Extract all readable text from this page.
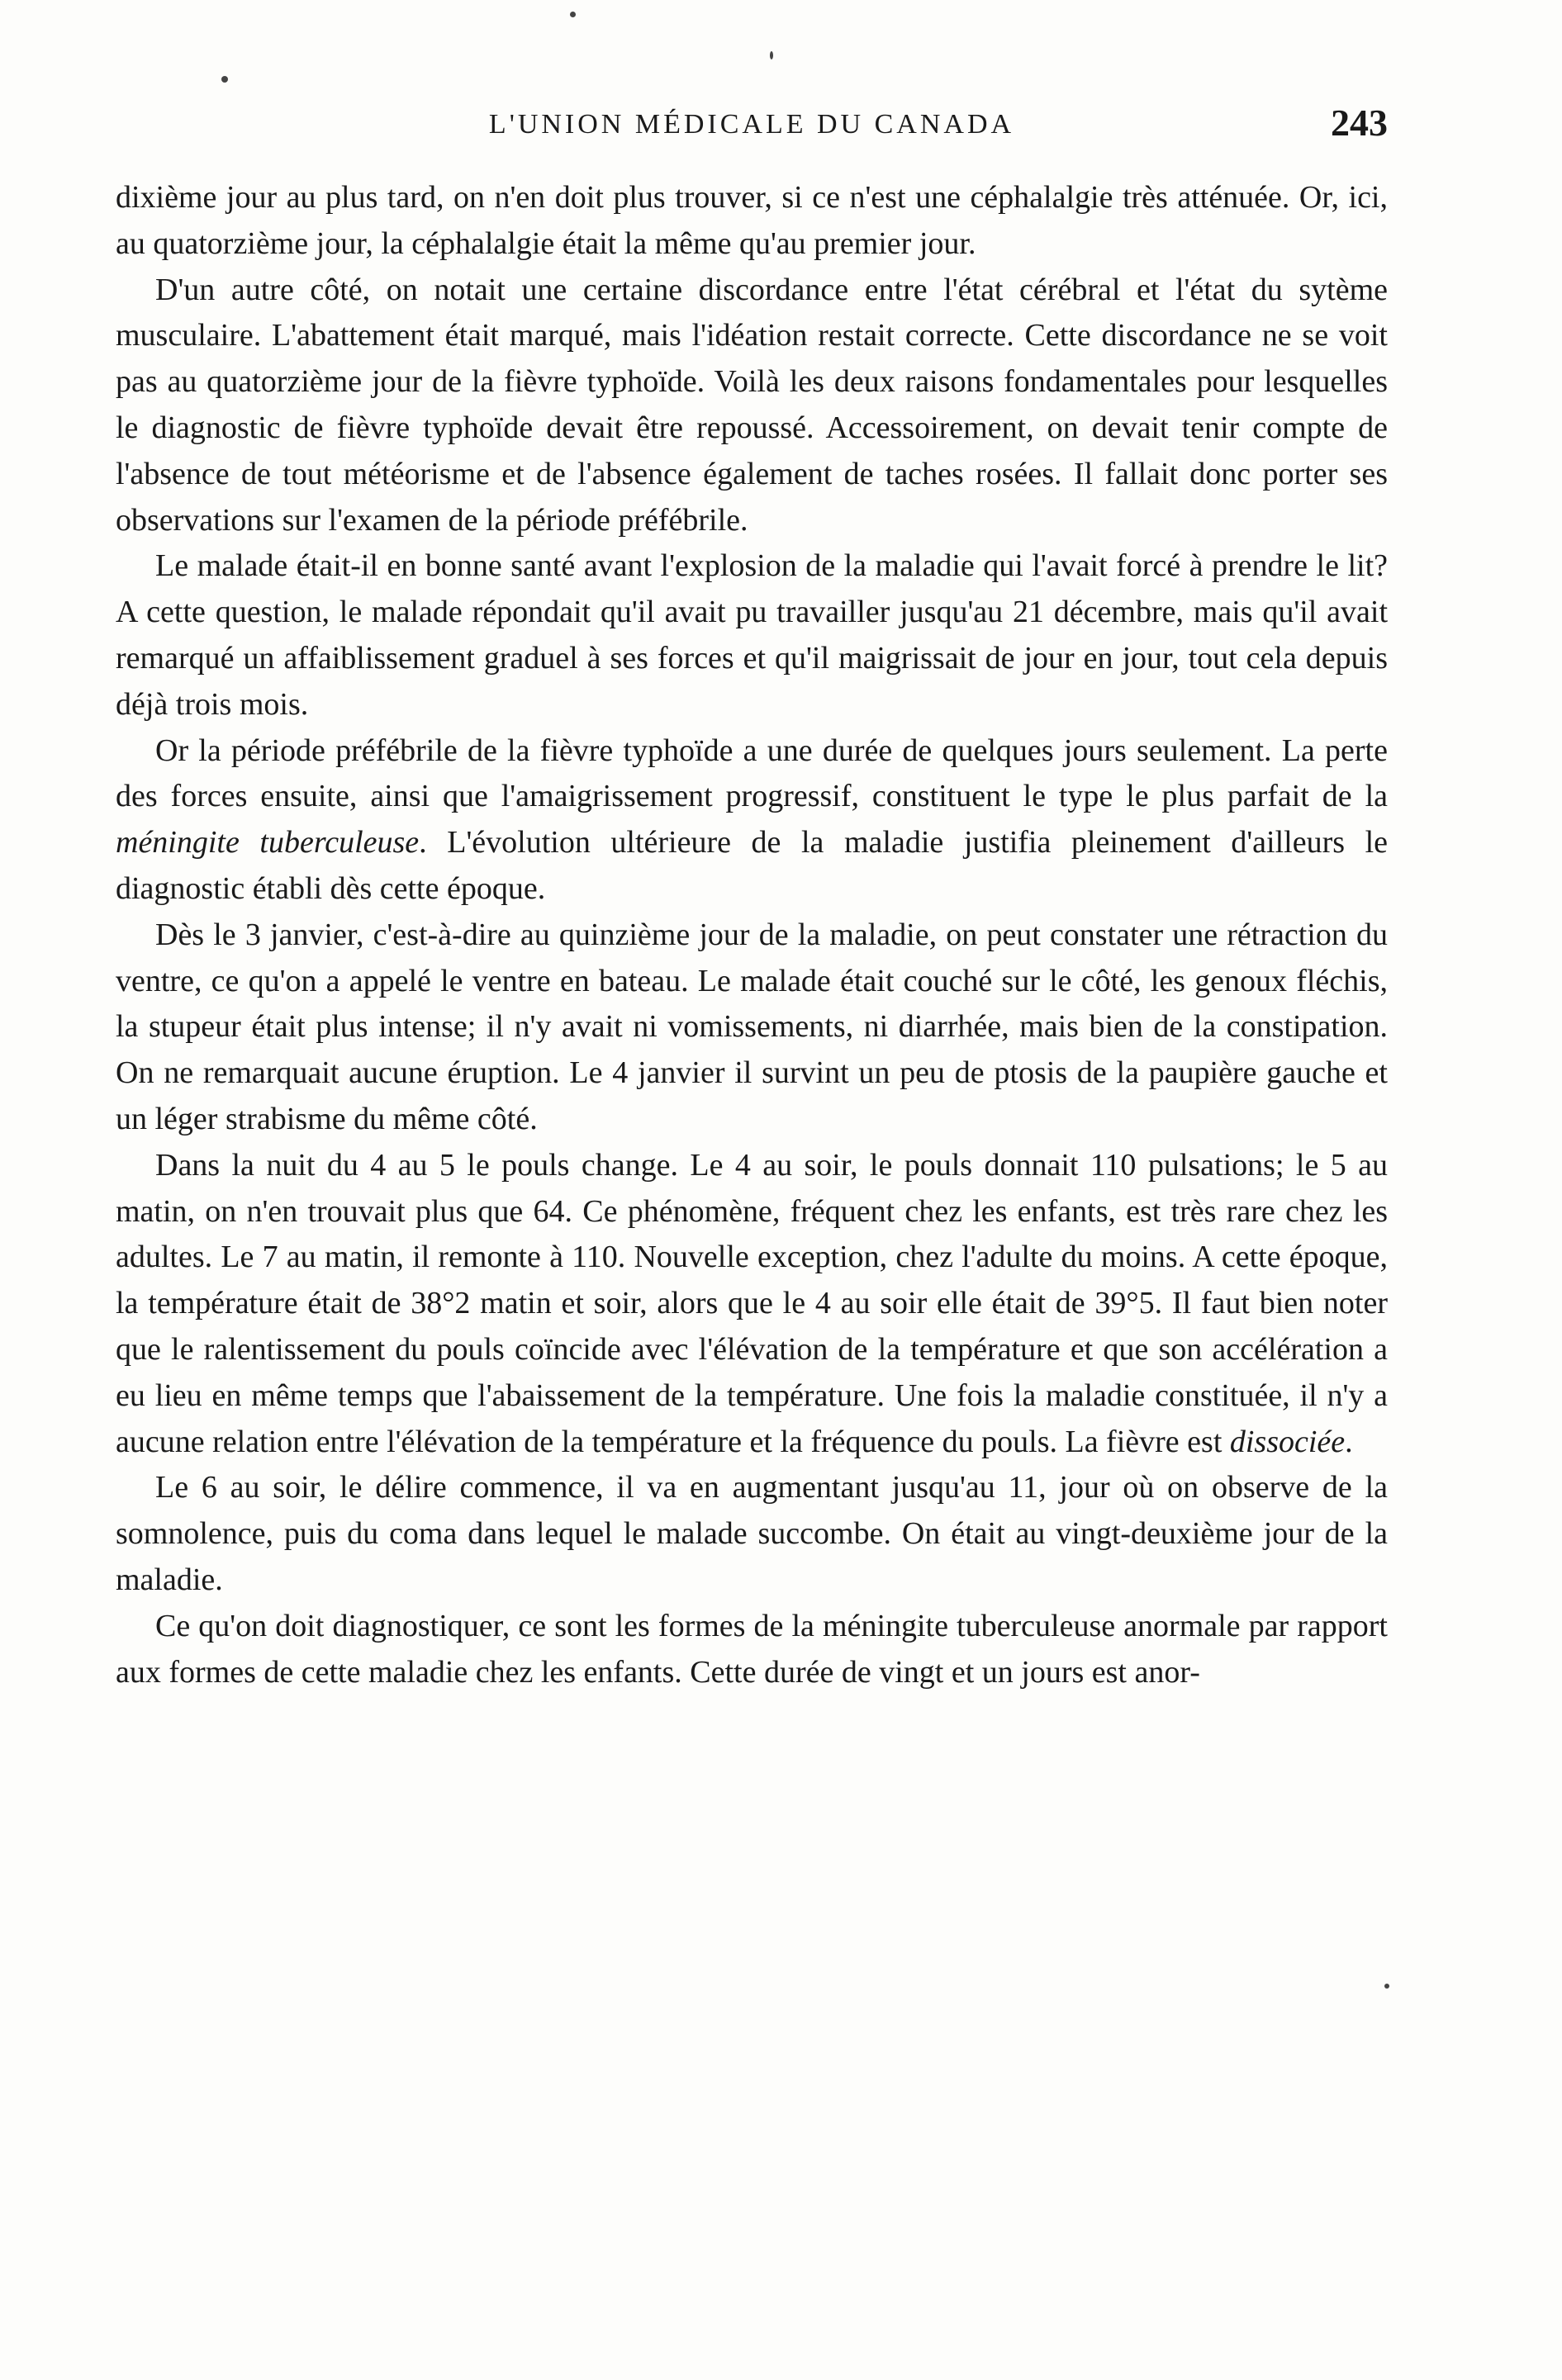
L'UNION MÉDICALE DU CANADA	243

dixième jour au plus tard, on n'en doit plus trouver, si ce n'est une céphalalgie très atténuée. Or, ici, au quatorzième jour, la céphalalgie était la même qu'au premier jour.

D'un autre côté, on notait une certaine discordance entre l'état cérébral et l'état du sytème musculaire. L'abattement était marqué, mais l'idéation restait correcte. Cette discordance ne se voit pas au quatorzième jour de la fièvre typhoïde. Voilà les deux raisons fondamentales pour lesquelles le diagnostic de fièvre typhoïde devait être repoussé. Accessoirement, on devait tenir compte de l'absence de tout météorisme et de l'absence également de taches rosées. Il fallait donc porter ses observations sur l'examen de la période préfébrile.

Le malade était-il en bonne santé avant l'explosion de la maladie qui l'avait forcé à prendre le lit? A cette question, le malade répondait qu'il avait pu travailler jusqu'au 21 décembre, mais qu'il avait remarqué un affaiblissement graduel à ses forces et qu'il maigrissait de jour en jour, tout cela depuis déjà trois mois.

Or la période préfébrile de la fièvre typhoïde a une durée de quelques jours seulement. La perte des forces ensuite, ainsi que l'amaigrissement progressif, constituent le type le plus parfait de la méningite tuberculeuse. L'évolution ultérieure de la maladie justifia pleinement d'ailleurs le diagnostic établi dès cette époque.

Dès le 3 janvier, c'est-à-dire au quinzième jour de la maladie, on peut constater une rétraction du ventre, ce qu'on a appelé le ventre en bateau. Le malade était couché sur le côté, les genoux fléchis, la stupeur était plus intense; il n'y avait ni vomissements, ni diarrhée, mais bien de la constipation. On ne remarquait aucune éruption. Le 4 janvier il survint un peu de ptosis de la paupière gauche et un léger strabisme du même côté.

Dans la nuit du 4 au 5 le pouls change. Le 4 au soir, le pouls donnait 110 pulsations; le 5 au matin, on n'en trouvait plus que 64. Ce phénomène, fréquent chez les enfants, est très rare chez les adultes. Le 7 au matin, il remonte à 110. Nouvelle exception, chez l'adulte du moins. A cette époque, la température était de 38°2 matin et soir, alors que le 4 au soir elle était de 39°5. Il faut bien noter que le ralentissement du pouls coïncide avec l'élévation de la température et que son accélération a eu lieu en même temps que l'abaissement de la température. Une fois la maladie constituée, il n'y a aucune relation entre l'élévation de la température et la fréquence du pouls. La fièvre est dissociée.

Le 6 au soir, le délire commence, il va en augmentant jusqu'au 11, jour où on observe de la somnolence, puis du coma dans lequel le malade succombe. On était au vingt-deuxième jour de la maladie.

Ce qu'on doit diagnostiquer, ce sont les formes de la méningite tuberculeuse anormale par rapport aux formes de cette maladie chez les enfants. Cette durée de vingt et un jours est anor-
